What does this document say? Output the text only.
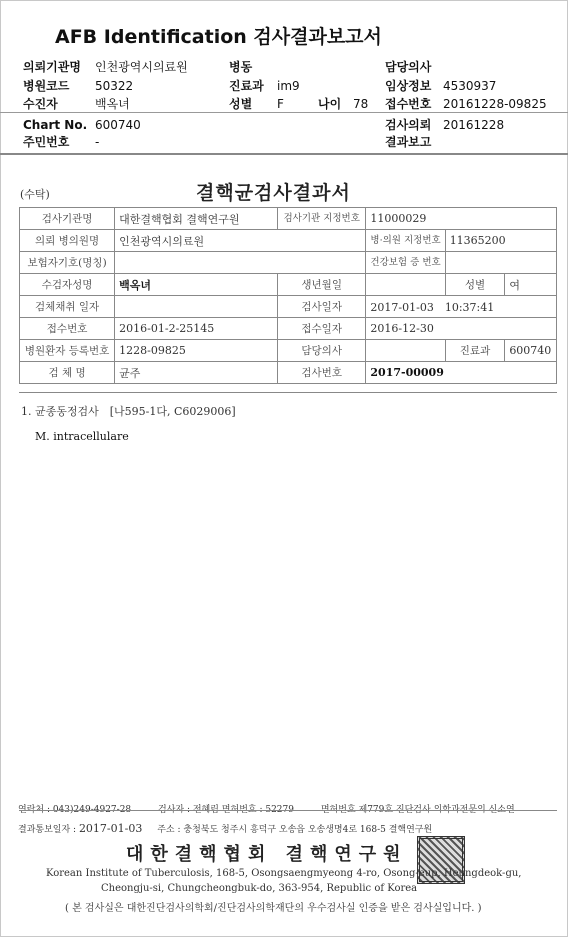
AFB Identification 검사결과보고서
의뢰기관명 인천광역시의료원	병동	담당의사
병원코드 50322	진료과 im9	임상정보 4530937
수진자	백옥녀	성별 F	나이 78 접수번호 20161228-09825
Chart No. 600740	검사의뢰 20161228
주민번호 -	결과보고
(수탁)	결핵균검사결과서
검사기관명	대한결핵협회 결핵연구원	검사기관 지정번호	11000029		
의뢰 병의원명	인천광역시의료원		병·의원 지정번호	11365200	
보험자기호(명칭)			건강보험 증 번호		
수검자성명	백옥녀	생년월일		성별	여
검체채취 일자		검사일자	2017-01-03　10:37:41		
접수번호	2016-01-2-25145	접수일자	2016-12-30		
병원환자 등록번호	1228-09825	담당의사		진료과	600740
검 체 명	균주	검사번호	2017-00009		
1. 균종동정검사　[나595-1다, C6029006]
M. intracellulare
연락처 : 043)249-4927-28	검사자 : 전혜림 면허번호 : 52279	면허번호 제779호 진단검사 의학과전문의 신소연
결과통보일자 : 2017-01-03 주소 : 충청북도 청주시 흥덕구 오송읍 오송생명4로 168-5 결핵연구원
대한결핵협회 결핵연구원
Korean Institute of Tuberculosis, 168-5, Osongsaengmyeong 4-ro, Osong-eup, Heungdeok-gu,
Cheongju-si, Chungcheongbuk-do, 363-954, Republic of Korea
( 본 검사실은 대한진단검사의학회/진단검사의학재단의 우수검사실 인증을 받은 검사실입니다. )
